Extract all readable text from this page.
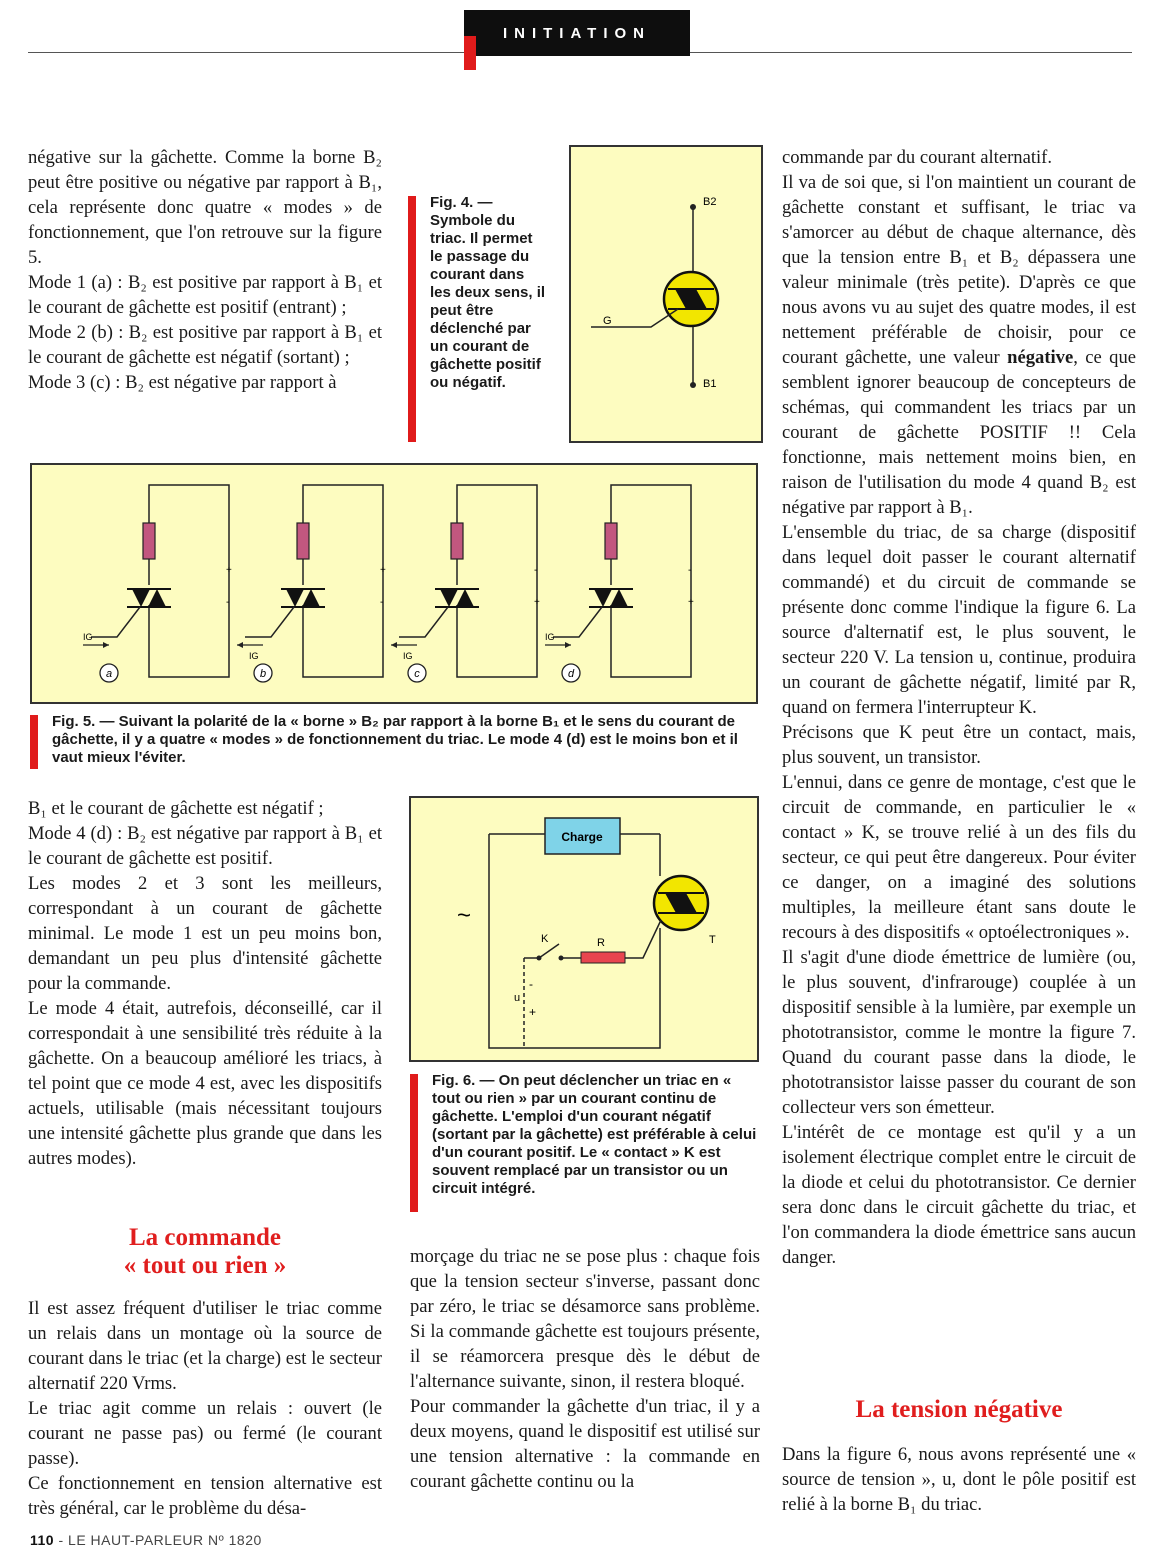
INITIATION

négative sur la gâchette. Comme la borne B₂ peut être positive ou négative par rapport à B₁, cela représente donc quatre « modes » de fonctionnement, que l'on retrouve sur la figure 5.

Mode 1 (a) : B₂ est positive par rapport à B₁ et le courant de gâchette est positif (entrant) ;

Mode 2 (b) : B₂ est positive par rapport à B₁ et le courant de gâchette est négatif (sortant) ;

Mode 3 (c) : B₂ est négative par rapport à

Fig. 4. — Symbole du triac. Il permet le passage du courant dans les deux sens, il peut être déclenché par un courant de gâchette positif ou négatif.
B2
G
B1
IG
a
+
-
IG
b
+
-
IG
c
-
+
IG
d
-
+
Fig. 5. — Suivant la polarité de la « borne » B₂ par rapport à la borne B₁ et le sens du courant de gâchette, il y a quatre « modes » de fonctionnement du triac. Le mode 4 (d) est le moins bon et il vaut mieux l'éviter.

B₁ et le courant de gâchette est négatif ;

Mode 4 (d) : B₂ est négative par rapport à B₁ et le courant de gâchette est positif.

Les modes 2 et 3 sont les meilleurs, correspondant à un courant de gâchette minimal. Le mode 1 est un peu moins bon, demandant un peu plus d'intensité gâchette pour la commande.

Le mode 4 était, autrefois, déconseillé, car il correspondait à une sensibilité très réduite à la gâchette. On a beaucoup amélioré les triacs, à tel point que ce mode 4 est, avec les dispositifs actuels, utilisable (mais nécessitant toujours une intensité gâchette plus grande que dans les autres modes).

La commande
« tout ou rien »

Il est assez fréquent d'utiliser le triac comme un relais dans un montage où la source de courant dans le triac (et la charge) est le secteur alternatif 220 Vrms.

Le triac agit comme un relais : ouvert (le courant ne passe pas) ou fermé (le courant passe).

Ce fonctionnement en tension alternative est très général, car le problème du désa-

Charge
T
~
K	R
-
u
+
Fig. 6. — On peut déclencher un triac en « tout ou rien » par un courant continu de gâchette. L'emploi d'un courant négatif (sortant par la gâchette) est préférable à celui d'un courant positif. Le « contact » K est souvent remplacé par un transistor ou un circuit intégré.

morçage du triac ne se pose plus : chaque fois que la tension secteur s'inverse, passant donc par zéro, le triac se désamorce sans problème. Si la commande gâchette est toujours présente, il se réamorcera presque dès le début de l'alternance suivante, sinon, il restera bloqué.

Pour commander la gâchette d'un triac, il y a deux moyens, quand le dispositif est utilisé sur une tension alternative : la commande en courant gâchette continu ou la

commande par du courant alternatif.

Il va de soi que, si l'on maintient un courant de gâchette constant et suffisant, le triac va s'amorcer au début de chaque alternance, dès que la tension entre B₁ et B₂ dépassera une valeur minimale (très petite). D'après ce que nous avons vu au sujet des quatre modes, il est nettement préférable de choisir, pour ce courant gâchette, une valeur négative, ce que semblent ignorer beaucoup de concepteurs de schémas, qui commandent les triacs par un courant de gâchette POSITIF !! Cela fonctionne, mais nettement moins bien, en raison de l'utilisation du mode 4 quand B₂ est négative par rapport à B₁.

L'ensemble du triac, de sa charge (dispositif dans lequel doit passer le courant alternatif commandé) et du circuit de commande se présente donc comme l'indique la figure 6. La source d'alternatif est, le plus souvent, le secteur 220 V. La tension u, continue, produira un courant de gâchette négatif, limité par R, quand on fermera l'interrupteur K.

Précisons que K peut être un contact, mais, plus souvent, un transistor.

L'ennui, dans ce genre de montage, c'est que le circuit de commande, en particulier le « contact » K, se trouve relié à un des fils du secteur, ce qui peut être dangereux. Pour éviter ce danger, on a imaginé des solutions multiples, la meilleure étant sans doute le recours à des dispositifs « optoélectroniques ».

Il s'agit d'une diode émettrice de lumière (ou, le plus souvent, d'infrarouge) couplée à un dispositif sensible à la lumière, par exemple un phototransistor, comme le montre la figure 7. Quand du courant passe dans la diode, le phototransistor laisse passer du courant de son collecteur vers son émetteur.

L'intérêt de ce montage est qu'il y a un isolement électrique complet entre le circuit de la diode et celui du phototransistor. Ce dernier sera donc dans le circuit gâchette du triac, et l'on commandera la diode émettrice sans aucun danger.

La tension négative

Dans la figure 6, nous avons représenté une « source de tension », u, dont le pôle positif est relié à la borne B₁ du triac.

110 - LE HAUT-PARLEUR Nº 1820
